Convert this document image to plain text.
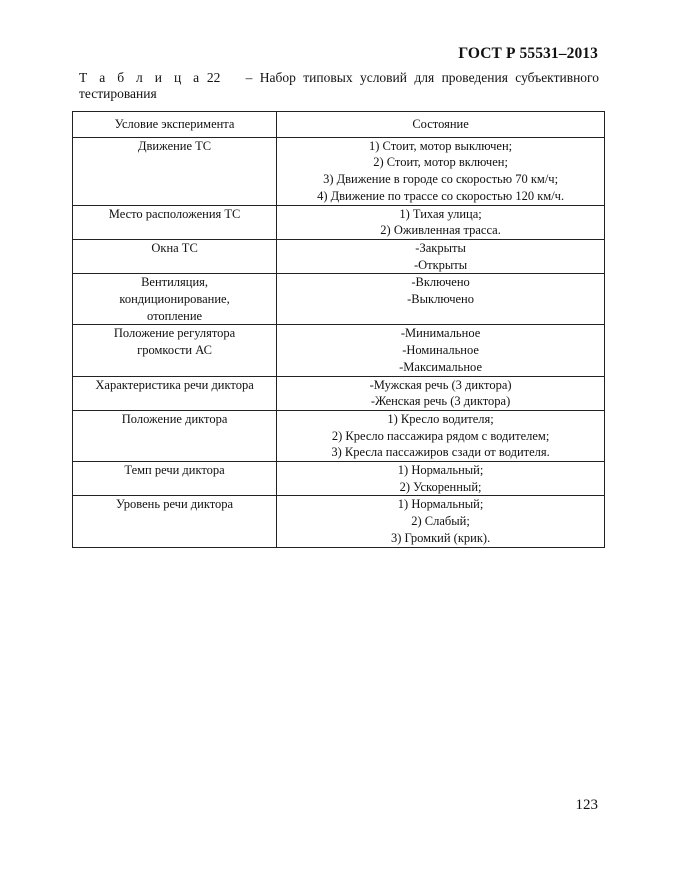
ГОСТ Р 55531–2013
Т а б л и ц а 22 – Набор типовых условий для проведения субъективного
тестирования
Условие эксперимента	Состояние

Движение ТС	1) Стоит, мотор выключен;
2) Стоит, мотор включен;
3) Движение в городе со скоростью 70 км/ч;
4) Движение по трассе со скоростью 120 км/ч.

Место расположения ТС	1) Тихая улица;
2) Оживленная трасса.

Окна ТС	-Закрыты
-Открыты

Вентиляция,
кондиционирование,
отопление	-Включено
-Выключено

Положение регулятора
громкости АС	-Минимальное
-Номинальное
-Максимальное

Характеристика речи диктора	-Мужская речь (3 диктора)
-Женская речь (3 диктора)

Положение диктора	1) Кресло водителя;
2) Кресло пассажира рядом с водителем;
3) Кресла пассажиров сзади от водителя.

Темп речи диктора	1) Нормальный;
2) Ускоренный;

Уровень речи диктора	1) Нормальный;
2) Слабый;
3) Громкий (крик).
123
